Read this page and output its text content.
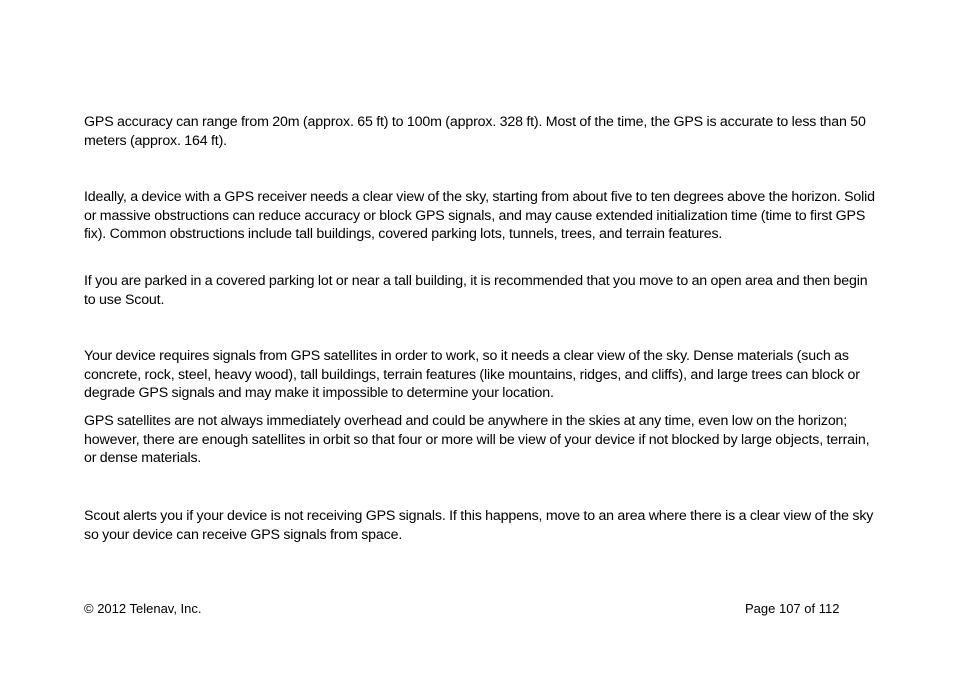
GPS accuracy can range from 20m (approx. 65 ft) to 100m (approx. 328 ft). Most of the time, the GPS is accurate to less than 50 meters (approx. 164 ft).

Ideally, a device with a GPS receiver needs a clear view of the sky, starting from about five to ten degrees above the horizon. Solid or massive obstructions can reduce accuracy or block GPS signals, and may cause extended initialization time (time to first GPS fix). Common obstructions include tall buildings, covered parking lots, tunnels, trees, and terrain features.

If you are parked in a covered parking lot or near a tall building, it is recommended that you move to an open area and then begin to use Scout.

Your device requires signals from GPS satellites in order to work, so it needs a clear view of the sky. Dense materials (such as concrete, rock, steel, heavy wood), tall buildings, terrain features (like mountains, ridges, and cliffs), and large trees can block or degrade GPS signals and may make it impossible to determine your location.

GPS satellites are not always immediately overhead and could be anywhere in the skies at any time, even low on the horizon; however, there are enough satellites in orbit so that four or more will be view of your device if not blocked by large objects, terrain, or dense materials.

Scout alerts you if your device is not receiving GPS signals. If this happens, move to an area where there is a clear view of the sky so your device can receive GPS signals from space.

© 2012 Telenav, Inc.	Page 107 of 112
